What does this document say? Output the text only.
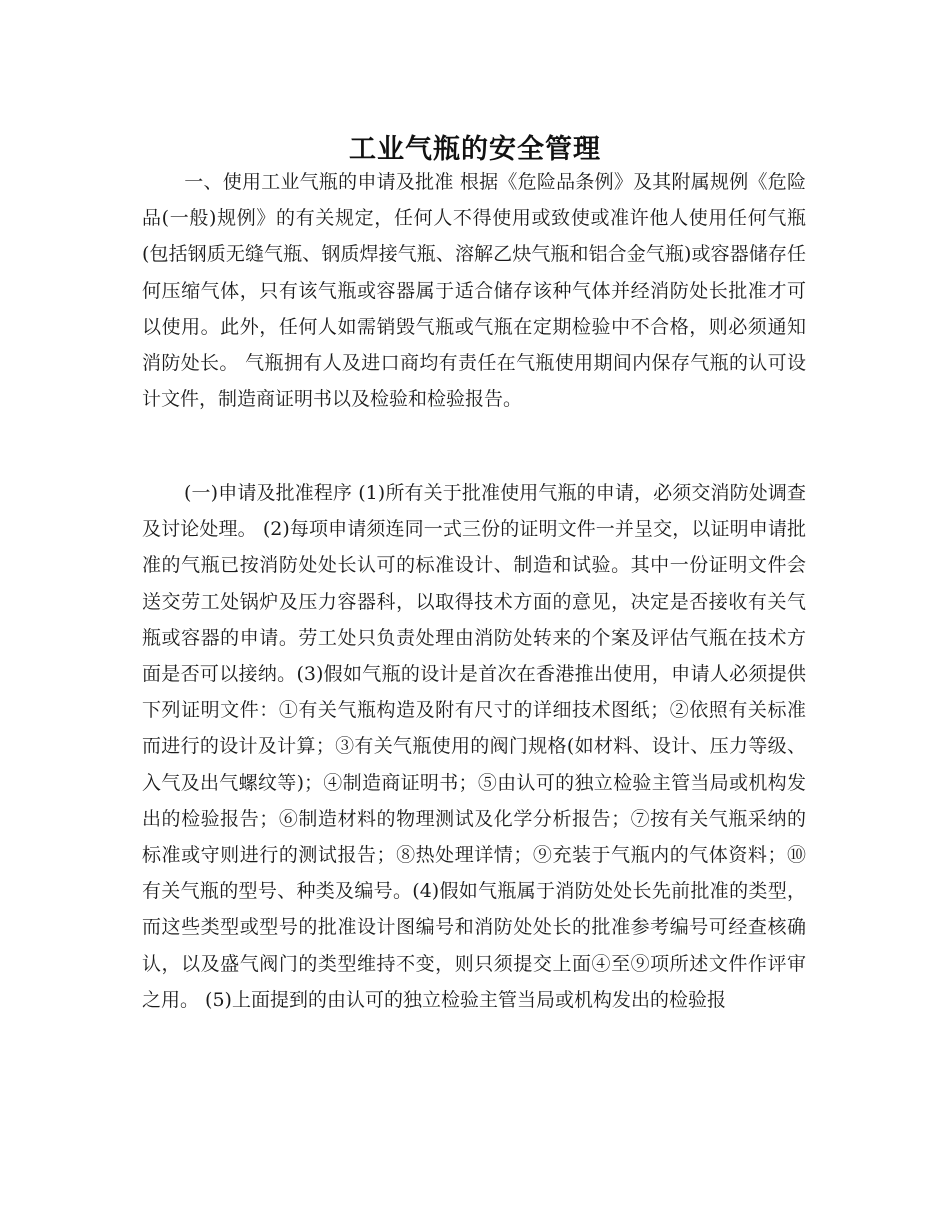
工业气瓶的安全管理

一、使用工业气瓶的申请及批准 根据《危险品条例》及其附属规例《危险品(一般)规例》的有关规定，任何人不得使用或致使或准许他人使用任何气瓶(包括钢质无缝气瓶、钢质焊接气瓶、溶解乙炔气瓶和铝合金气瓶)或容器储存任何压缩气体，只有该气瓶或容器属于适合储存该种气体并经消防处长批准才可以使用。此外，任何人如需销毁气瓶或气瓶在定期检验中不合格，则必须通知消防处长。 气瓶拥有人及进口商均有责任在气瓶使用期间内保存气瓶的认可设计文件，制造商证明书以及检验和检验报告。

(一)申请及批准程序 (1)所有关于批准使用气瓶的申请，必须交消防处调查及讨论处理。 (2)每项申请须连同一式三份的证明文件一并呈交，以证明申请批准的气瓶已按消防处处长认可的标准设计、制造和试验。其中一份证明文件会送交劳工处锅炉及压力容器科，以取得技术方面的意见，决定是否接收有关气瓶或容器的申请。劳工处只负责处理由消防处转来的个案及评估气瓶在技术方面是否可以接纳。(3)假如气瓶的设计是首次在香港推出使用，申请人必须提供下列证明文件：①有关气瓶构造及附有尺寸的详细技术图纸；②依照有关标准而进行的设计及计算；③有关气瓶使用的阀门规格(如材料、设计、压力等级、入气及出气螺纹等)；④制造商证明书；⑤由认可的独立检验主管当局或机构发出的检验报告；⑥制造材料的物理测试及化学分析报告；⑦按有关气瓶采纳的标准或守则进行的测试报告；⑧热处理详情；⑨充装于气瓶内的气体资料；⑩有关气瓶的型号、种类及编号。(4)假如气瓶属于消防处处长先前批准的类型，而这些类型或型号的批准设计图编号和消防处处长的批准参考编号可经查核确认，以及盛气阀门的类型维持不变，则只须提交上面④至⑨项所述文件作评审之用。 (5)上面提到的由认可的独立检验主管当局或机构发出的检验报
